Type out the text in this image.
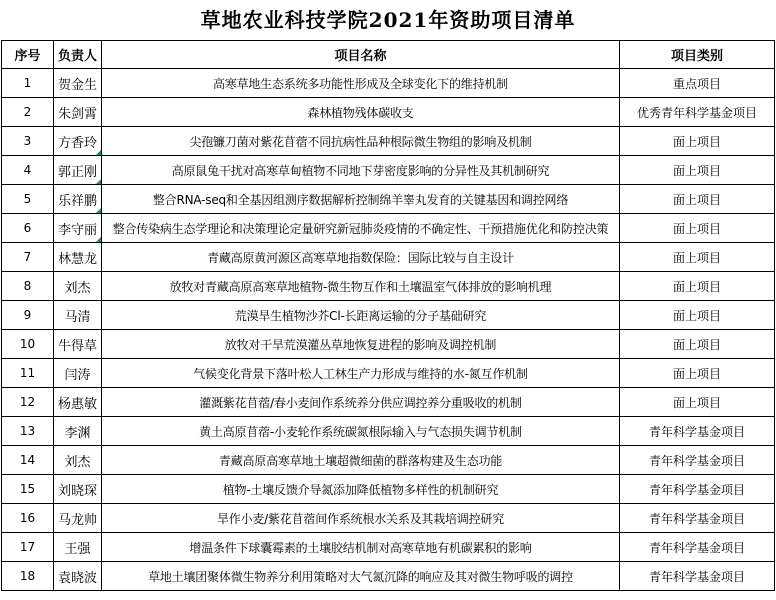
草地农业科技学院2021年资助项目清单
序号	负责人	项目名称	项目类别
1	贺金生	高寒草地生态系统多功能性形成及全球变化下的维持机制	重点项目
2	朱剑霄	森林植物残体碳收支	优秀青年科学基金项目
3	方香玲	尖孢镰刀菌对紫花苜蓿不同抗病性品种根际微生物组的影响及机制	面上项目
4	郭正刚	高原鼠兔干扰对高寒草甸植物不同地下芽密度影响的分异性及其机制研究	面上项目
5	乐祥鹏	整合RNA-seq和全基因组测序数据解析控制绵羊睾丸发育的关键基因和调控网络	面上项目
6	李守丽	整合传染病生态学理论和决策理论定量研究新冠肺炎疫情的不确定性、干预措施优化和防控决策	面上项目
7	林慧龙	青藏高原黄河源区高寒草地指数保险：国际比较与自主设计	面上项目
8	刘杰	放牧对青藏高原高寒草地植物-微生物互作和土壤温室气体排放的影响机理	面上项目
9	马清	荒漠旱生植物沙芥Cl-长距离运输的分子基础研究	面上项目
10	牛得草	放牧对干旱荒漠灌丛草地恢复进程的影响及调控机制	面上项目
11	闫涛	气候变化背景下落叶松人工林生产力形成与维持的水-氮互作机制	面上项目
12	杨惠敏	灌溉紫花苜蓿/春小麦间作系统养分供应调控养分重吸收的机制	面上项目
13	李渊	黄土高原苜蓿-小麦轮作系统碳氮根际输入与气态损失调节机制	青年科学基金项目
14	刘杰	青藏高原高寒草地土壤超微细菌的群落构建及生态功能	青年科学基金项目
15	刘晓琛	植物-土壤反馈介导氮添加降低植物多样性的机制研究	青年科学基金项目
16	马龙帅	旱作小麦/紫花苜蓿间作系统根水关系及其栽培调控研究	青年科学基金项目
17	王强	增温条件下球囊霉素的土壤胶结机制对高寒草地有机碳累积的影响	青年科学基金项目
18	袁晓波	草地土壤团聚体微生物养分利用策略对大气氮沉降的响应及其对微生物呼吸的调控	青年科学基金项目
